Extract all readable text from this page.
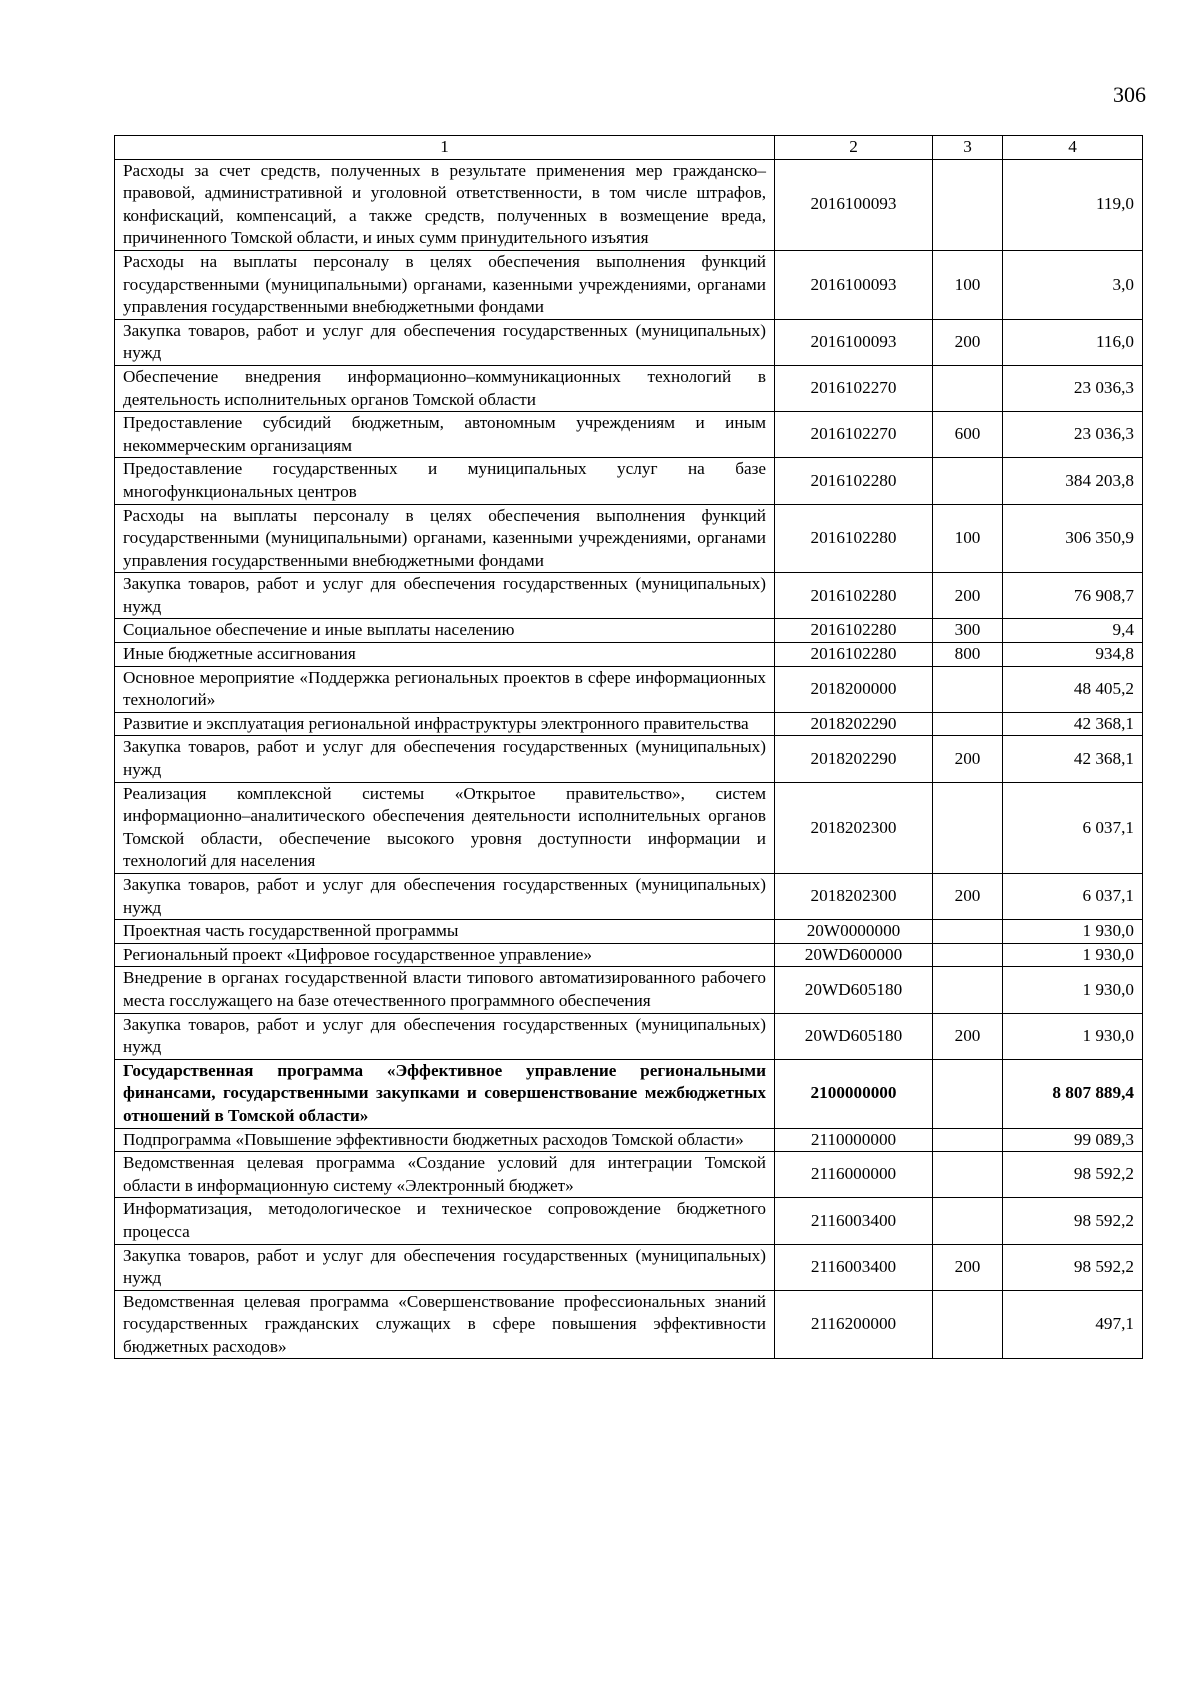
306
1	2	3	4
Расходы за счет средств, полученных в результате применения мер гражданско–правовой, административной и уголовной ответственности, в том числе штрафов, конфискаций, компенсаций, а также средств, полученных в возмещение вреда, причиненного Томской области, и иных сумм принудительного изъятия	2016100093		119,0
Расходы на выплаты персоналу в целях обеспечения выполнения функций государственными (муниципальными) органами, казенными учреждениями, органами управления государственными внебюджетными фондами	2016100093	100	3,0
Закупка товаров, работ и услуг для обеспечения государственных (муниципальных) нужд	2016100093	200	116,0
Обеспечение внедрения информационно–коммуникационных технологий в деятельность исполнительных органов Томской области	2016102270		23 036,3
Предоставление субсидий бюджетным, автономным учреждениям и иным некоммерческим организациям	2016102270	600	23 036,3
Предоставление государственных и муниципальных услуг на базе многофункциональных центров	2016102280		384 203,8
Расходы на выплаты персоналу в целях обеспечения выполнения функций государственными (муниципальными) органами, казенными учреждениями, органами управления государственными внебюджетными фондами	2016102280	100	306 350,9
Закупка товаров, работ и услуг для обеспечения государственных (муниципальных) нужд	2016102280	200	76 908,7
Социальное обеспечение и иные выплаты населению	2016102280	300	9,4
Иные бюджетные ассигнования	2016102280	800	934,8
Основное мероприятие «Поддержка региональных проектов в сфере информационных технологий»	2018200000		48 405,2
Развитие и эксплуатация региональной инфраструктуры электронного правительства	2018202290		42 368,1
Закупка товаров, работ и услуг для обеспечения государственных (муниципальных) нужд	2018202290	200	42 368,1
Реализация комплексной системы «Открытое правительство», систем информационно–аналитического обеспечения деятельности исполнительных органов Томской области, обеспечение высокого уровня доступности информации и технологий для населения	2018202300		6 037,1
Закупка товаров, работ и услуг для обеспечения государственных (муниципальных) нужд	2018202300	200	6 037,1
Проектная часть государственной программы	20W0000000		1 930,0
Региональный проект «Цифровое государственное управление»	20WD600000		1 930,0
Внедрение в органах государственной власти типового автоматизированного рабочего места госслужащего на базе отечественного программного обеспечения	20WD605180		1 930,0
Закупка товаров, работ и услуг для обеспечения государственных (муниципальных) нужд	20WD605180	200	1 930,0
Государственная программа «Эффективное управление региональными финансами, государственными закупками и совершенствование межбюджетных отношений в Томской области»	2100000000		8 807 889,4
Подпрограмма «Повышение эффективности бюджетных расходов Томской области»	2110000000		99 089,3
Ведомственная целевая программа «Создание условий для интеграции Томской области в информационную систему «Электронный бюджет»	2116000000		98 592,2
Информатизация, методологическое и техническое сопровождение бюджетного процесса	2116003400		98 592,2
Закупка товаров, работ и услуг для обеспечения государственных (муниципальных) нужд	2116003400	200	98 592,2
Ведомственная целевая программа «Совершенствование профессиональных знаний государственных гражданских служащих в сфере повышения эффективности бюджетных расходов»	2116200000		497,1
